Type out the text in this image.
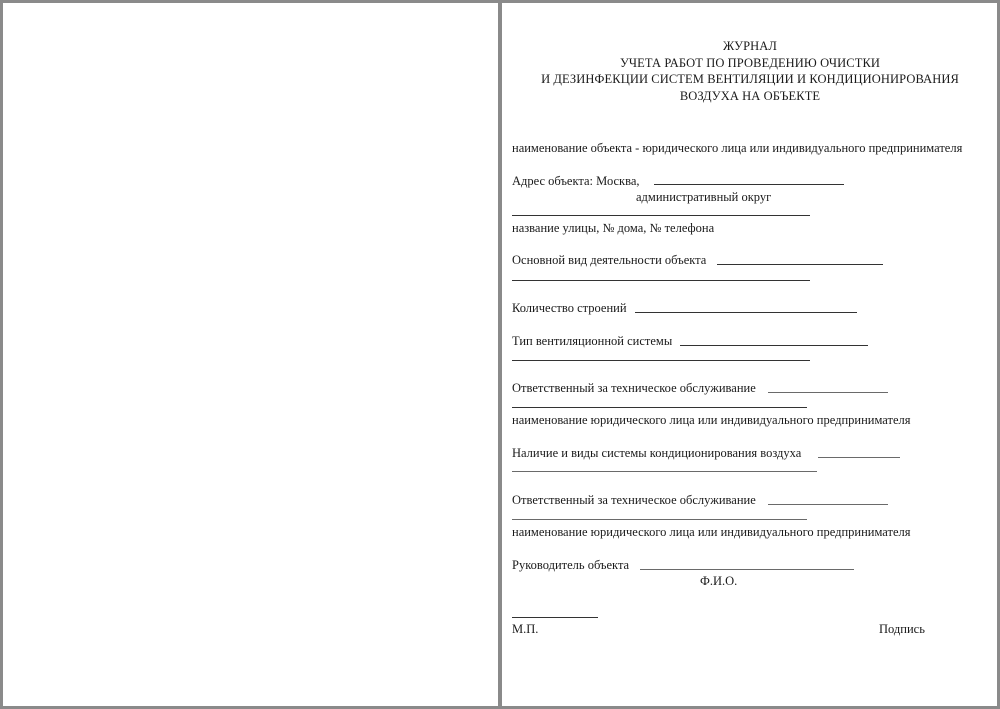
ЖУРНАЛ
УЧЕТА РАБОТ ПО ПРОВЕДЕНИЮ ОЧИСТКИ
И ДЕЗИНФЕКЦИИ СИСТЕМ ВЕНТИЛЯЦИИ И КОНДИЦИОНИРОВАНИЯ
ВОЗДУХА НА ОБЪЕКТЕ
наименование объекта - юридического лица или индивидуального предпринимателя
Адрес объекта: Москва,
административный округ
название улицы, № дома, № телефона
Основной вид деятельности объекта
Количество строений
Тип вентиляционной системы
Ответственный за техническое обслуживание
наименование юридического лица или индивидуального предпринимателя
Наличие и виды системы кондиционирования воздуха
Ответственный за техническое обслуживание
наименование юридического лица или индивидуального предпринимателя
Руководитель объекта
Ф.И.О.
М.П.	Подпись
